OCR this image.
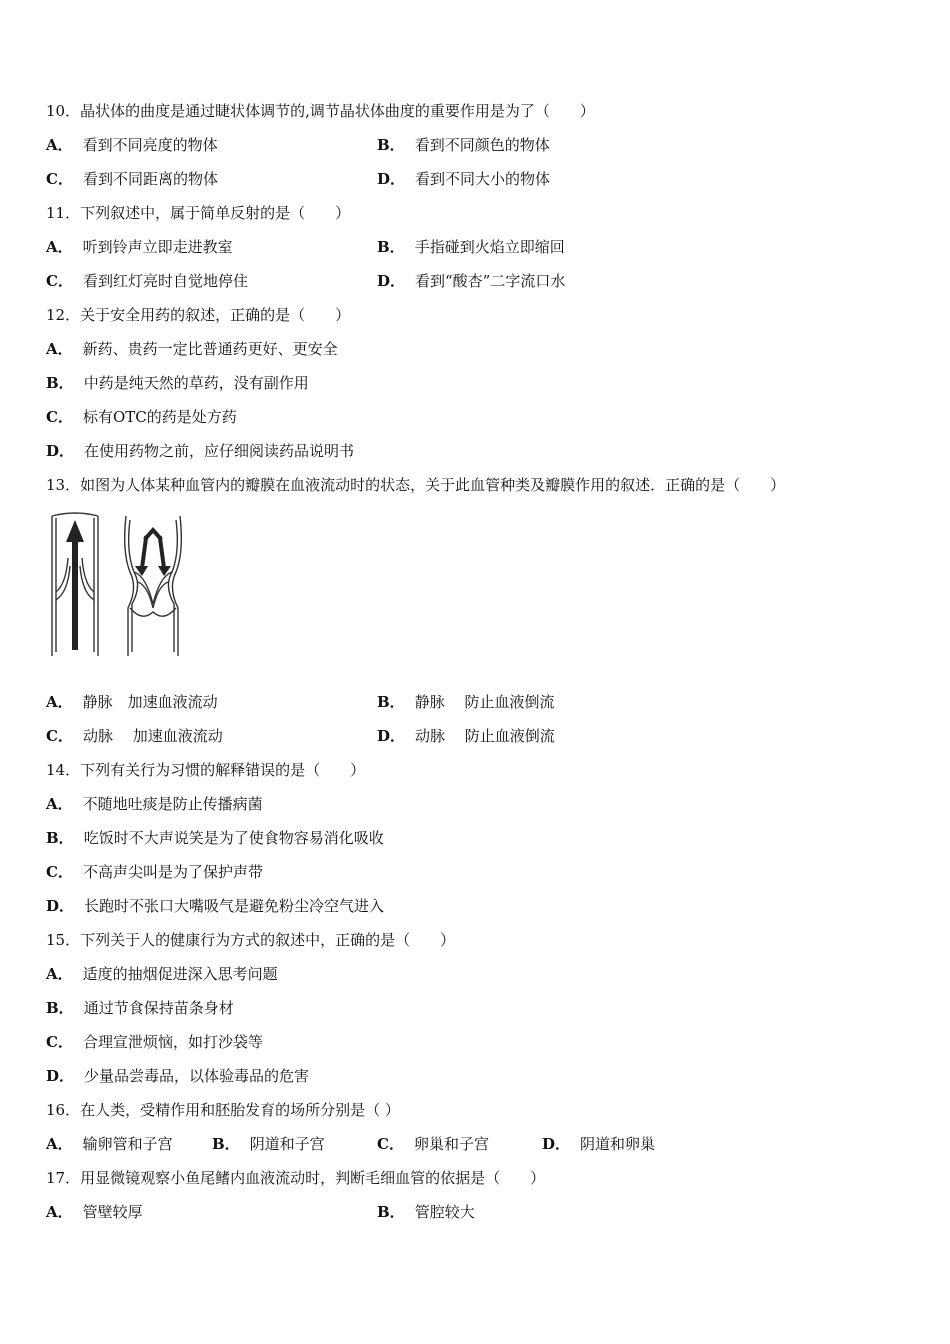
10．晶状体的曲度是通过睫状体调节的,调节晶状体曲度的重要作用是为了（　　）
A． 看到不同亮度的物体	B． 看到不同颜色的物体
C． 看到不同距离的物体	D． 看到不同大小的物体
11．下列叙述中，属于简单反射的是（　　）
A． 听到铃声立即走进教室	B． 手指碰到火焰立即缩回
C． 看到红灯亮时自觉地停住	D． 看到“酸杏”二字流口水
12．关于安全用药的叙述，正确的是（　　）
A． 新药、贵药一定比普通药更好、更安全
B． 中药是纯天然的草药，没有副作用
C． 标有OTC的药是处方药
D． 在使用药物之前，应仔细阅读药品说明书
13．如图为人体某种血管内的瓣膜在血液流动时的状态，关于此血管种类及瓣膜作用的叙述．正确的是（　　）
A． 静脉　加速血液流动	B． 静脉　 防止血液倒流
C． 动脉　 加速血液流动	D． 动脉　 防止血液倒流
14．下列有关行为习惯的解释错误的是（　　）
A． 不随地吐痰是防止传播病菌
B． 吃饭时不大声说笑是为了使食物容易消化吸收
C． 不高声尖叫是为了保护声带
D． 长跑时不张口大嘴吸气是避免粉尘冷空气进入
15．下列关于人的健康行为方式的叙述中，正确的是（　　）
A． 适度的抽烟促进深入思考问题
B． 通过节食保持苗条身材
C． 合理宣泄烦恼，如打沙袋等
D． 少量品尝毒品，以体验毒品的危害
16．在人类，受精作用和胚胎发育的场所分别是（ ）
A． 输卵管和子宫	B． 阴道和子宫	C． 卵巢和子宫	D． 阴道和卵巢
17．用显微镜观察小鱼尾鳍内血液流动时，判断毛细血管的依据是（　　）
A． 管壁较厚	B． 管腔较大
